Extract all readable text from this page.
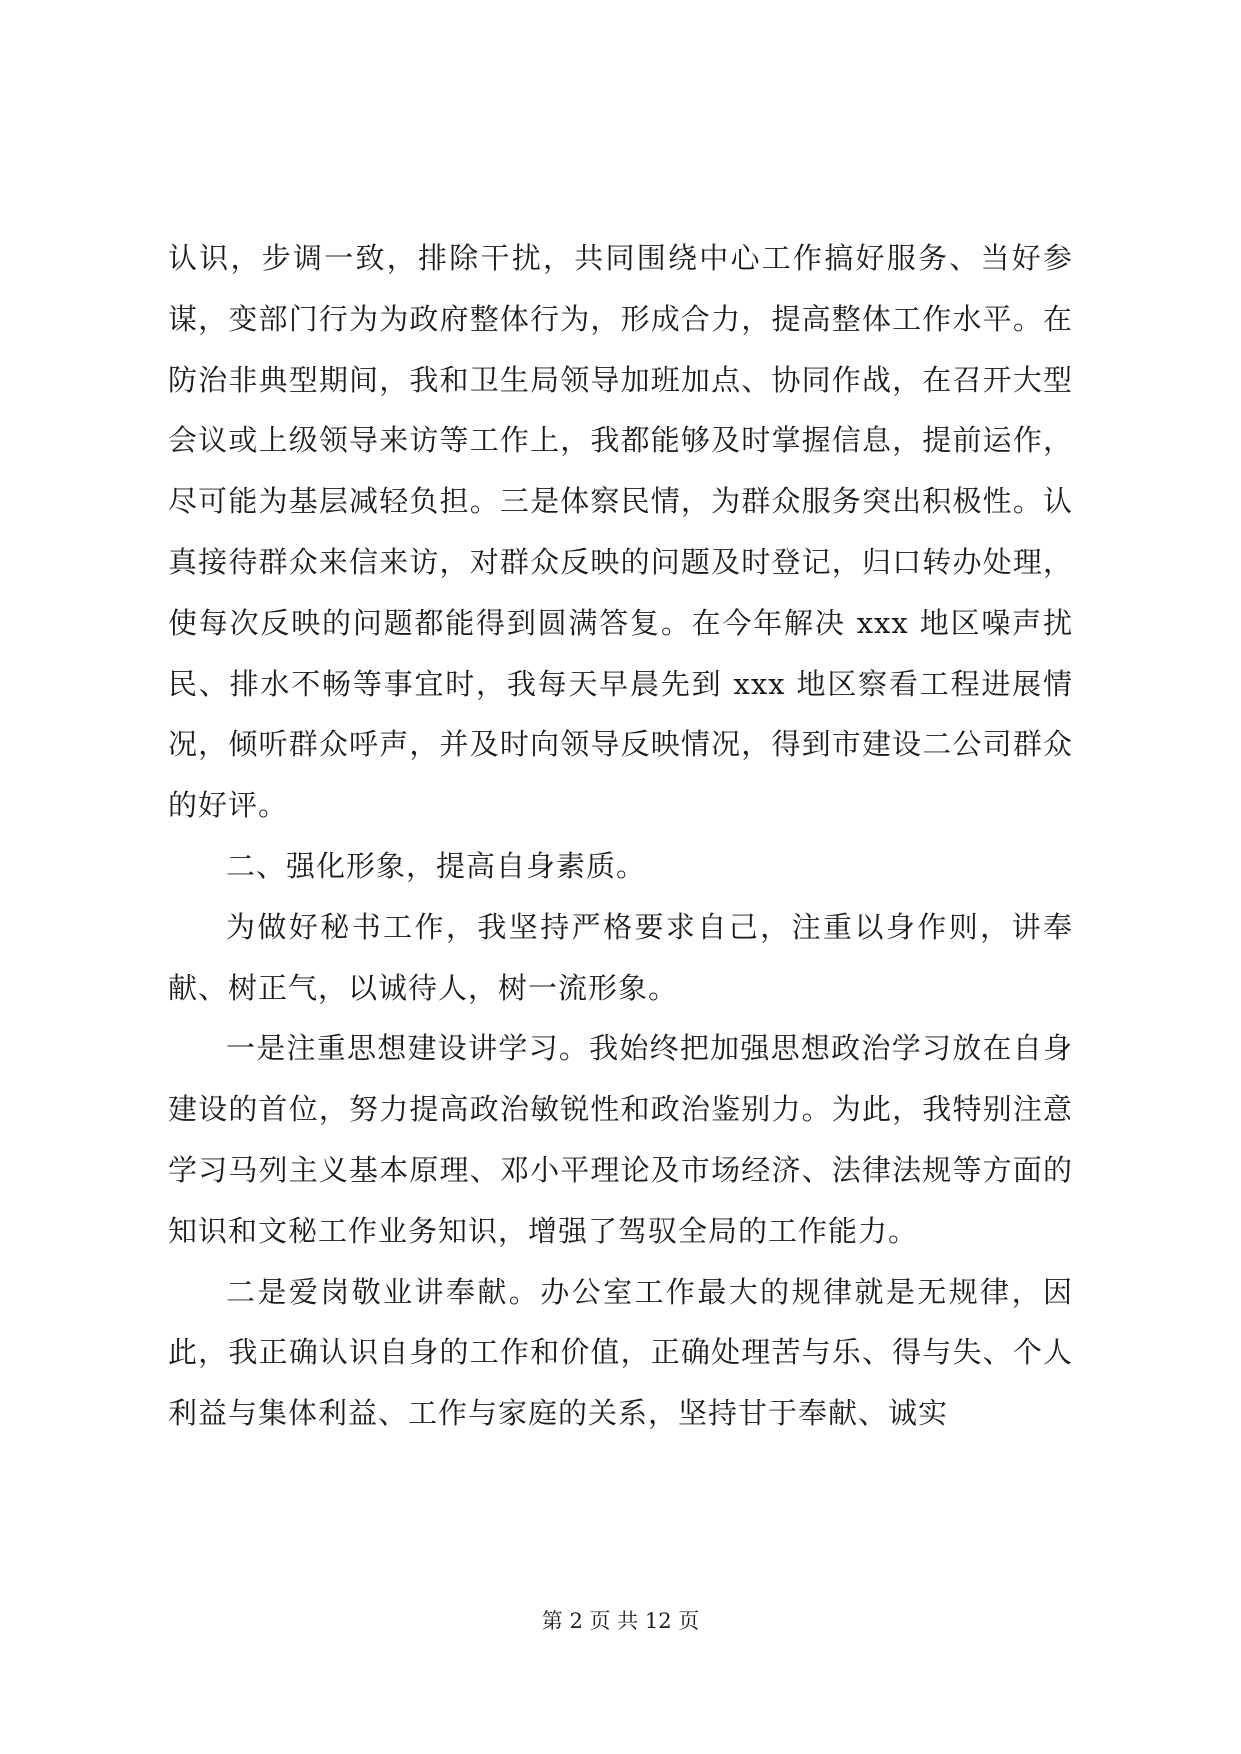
认识，步调一致，排除干扰，共同围绕中心工作搞好服务、当好参谋，变部门行为为政府整体行为，形成合力，提高整体工作水平。在防治非典型期间，我和卫生局领导加班加点、协同作战，在召开大型会议或上级领导来访等工作上，我都能够及时掌握信息，提前运作，尽可能为基层减轻负担。三是体察民情，为群众服务突出积极性。认真接待群众来信来访，对群众反映的问题及时登记，归口转办处理，使每次反映的问题都能得到圆满答复。在今年解决 xxx 地区噪声扰民、排水不畅等事宜时，我每天早晨先到 xxx 地区察看工程进展情况，倾听群众呼声，并及时向领导反映情况，得到市建设二公司群众的好评。

二、强化形象，提高自身素质。

为做好秘书工作，我坚持严格要求自己，注重以身作则，讲奉献、树正气，以诚待人，树一流形象。

一是注重思想建设讲学习。我始终把加强思想政治学习放在自身建设的首位，努力提高政治敏锐性和政治鉴别力。为此，我特别注意学习马列主义基本原理、邓小平理论及市场经济、法律法规等方面的知识和文秘工作业务知识，增强了驾驭全局的工作能力。

二是爱岗敬业讲奉献。办公室工作最大的规律就是无规律，因此，我正确认识自身的工作和价值，正确处理苦与乐、得与失、个人利益与集体利益、工作与家庭的关系，坚持甘于奉献、诚实

第 2 页 共 12 页
